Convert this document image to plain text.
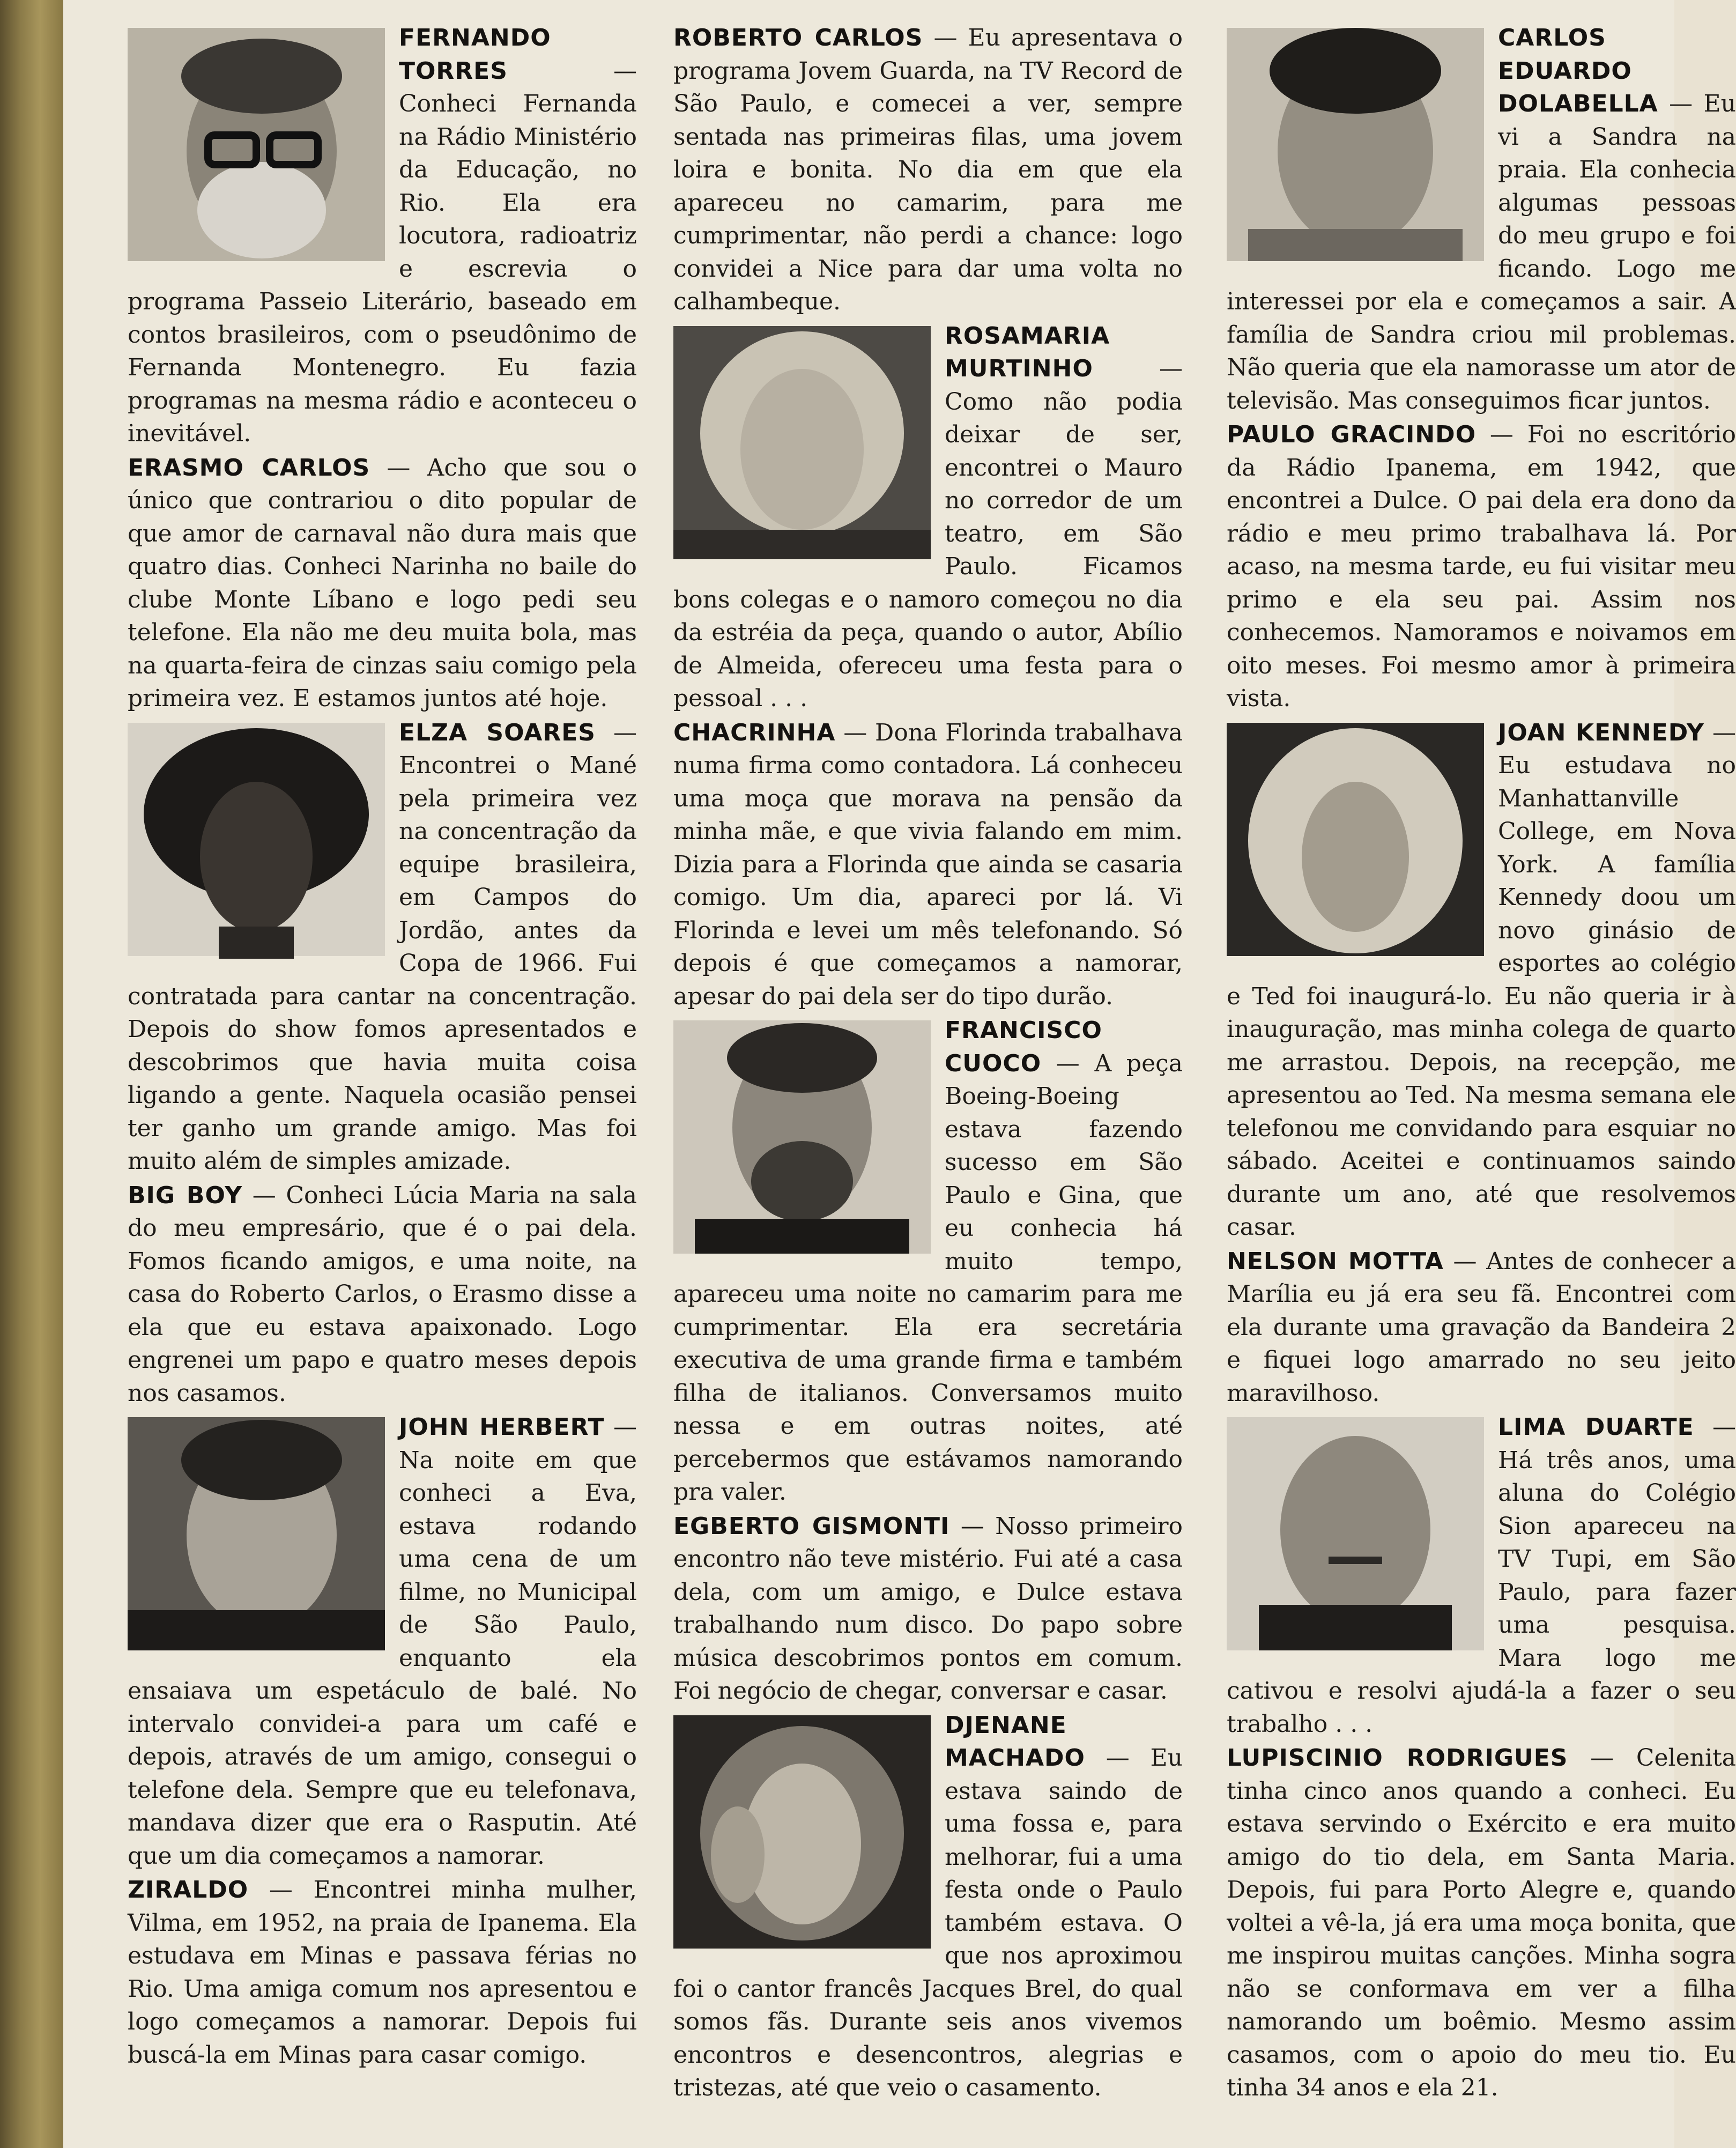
FERNANDO TORRES — Conheci Fernanda na Rádio Ministério da Educação, no Rio. Ela era locutora, radioatriz e escrevia o programa Passeio Literário, baseado em contos brasileiros, com o pseudônimo de Fernanda Montenegro. Eu fazia programas na mesma rádio e aconteceu o inevitável.
ERASMO CARLOS — Acho que sou o único que contrariou o dito popular de que amor de carnaval não dura mais que quatro dias. Conheci Narinha no baile do clube Monte Líbano e logo pedi seu telefone. Ela não me deu muita bola, mas na quarta-feira de cinzas saiu comigo pela primeira vez. E estamos juntos até hoje.
ELZA SOARES — Encontrei o Mané pela primeira vez na concentração da equipe brasileira, em Campos do Jordão, antes da Copa de 1966. Fui contratada para cantar na concentração. Depois do show fomos apresentados e descobrimos que havia muita coisa ligando a gente. Naquela ocasião pensei ter ganho um grande amigo. Mas foi muito além de simples amizade.
BIG BOY — Conheci Lúcia Maria na sala do meu empresário, que é o pai dela. Fomos ficando amigos, e uma noite, na casa do Roberto Carlos, o Erasmo disse a ela que eu estava apaixonado. Logo engrenei um papo e quatro meses depois nos casamos.
JOHN HERBERT — Na noite em que conheci a Eva, estava rodando uma cena de um filme, no Municipal de São Paulo, enquanto ela ensaiava um espetáculo de balé. No intervalo convidei-a para um café e depois, através de um amigo, consegui o telefone dela. Sempre que eu telefonava, mandava dizer que era o Rasputin. Até que um dia começamos a namorar.
ZIRALDO — Encontrei minha mulher, Vilma, em 1952, na praia de Ipanema. Ela estudava em Minas e passava férias no Rio. Uma amiga comum nos apresentou e logo começamos a namorar. Depois fui buscá-la em Minas para casar comigo.
ROBERTO CARLOS — Eu apresentava o programa Jovem Guarda, na TV Record de São Paulo, e comecei a ver, sempre sentada nas primeiras filas, uma jovem loira e bonita. No dia em que ela apareceu no camarim, para me cumprimentar, não perdi a chance: logo convidei a Nice para dar uma volta no calhambeque.
ROSAMARIA MURTINHO — Como não podia deixar de ser, encontrei o Mauro no corredor de um teatro, em São Paulo. Ficamos bons colegas e o namoro começou no dia da estréia da peça, quando o autor, Abílio de Almeida, ofereceu uma festa para o pessoal . . .
CHACRINHA — Dona Florinda trabalhava numa firma como contadora. Lá conheceu uma moça que morava na pensão da minha mãe, e que vivia falando em mim. Dizia para a Florinda que ainda se casaria comigo. Um dia, apareci por lá. Vi Florinda e levei um mês telefonando. Só depois é que começamos a namorar, apesar do pai dela ser do tipo durão.
FRANCISCO CUOCO — A peça Boeing-Boeing estava fazendo sucesso em São Paulo e Gina, que eu conhecia há muito tempo, apareceu uma noite no camarim para me cumprimentar. Ela era secretária executiva de uma grande firma e também filha de italianos. Conversamos muito nessa e em outras noites, até percebermos que estávamos namorando pra valer.
EGBERTO GISMONTI — Nosso primeiro encontro não teve mistério. Fui até a casa dela, com um amigo, e Dulce estava trabalhando num disco. Do papo sobre música descobrimos pontos em comum. Foi negócio de chegar, conversar e casar.
DJENANE MACHADO — Eu estava saindo de uma fossa e, para melhorar, fui a uma festa onde o Paulo também estava. O que nos aproximou foi o cantor francês Jacques Brel, do qual somos fãs. Durante seis anos vivemos encontros e desencontros, alegrias e tristezas, até que veio o casamento.
CARLOS EDUARDO DOLABELLA — Eu vi a Sandra na praia. Ela conhecia algumas pessoas do meu grupo e foi ficando. Logo me interessei por ela e começamos a sair. A família de Sandra criou mil problemas. Não queria que ela namorasse um ator de televisão. Mas conseguimos ficar juntos.
PAULO GRACINDO — Foi no escritório da Rádio Ipanema, em 1942, que encontrei a Dulce. O pai dela era dono da rádio e meu primo trabalhava lá. Por acaso, na mesma tarde, eu fui visitar meu primo e ela seu pai. Assim nos conhecemos. Namoramos e noivamos em oito meses. Foi mesmo amor à primeira vista.
JOAN KENNEDY — Eu estudava no Manhattanville College, em Nova York. A família Kennedy doou um novo ginásio de esportes ao colégio e Ted foi inaugurá-lo. Eu não queria ir à inauguração, mas minha colega de quarto me arrastou. Depois, na recepção, me apresentou ao Ted. Na mesma semana ele telefonou me convidando para esquiar no sábado. Aceitei e continuamos saindo durante um ano, até que resolvemos casar.
NELSON MOTTA — Antes de conhecer a Marília eu já era seu fã. Encontrei com ela durante uma gravação da Bandeira 2 e fiquei logo amarrado no seu jeito maravilhoso.
LIMA DUARTE — Há três anos, uma aluna do Colégio Sion apareceu na TV Tupi, em São Paulo, para fazer uma pesquisa. Mara logo me cativou e resolvi ajudá-la a fazer o seu trabalho . . .
LUPISCINIO RODRIGUES — Celenita tinha cinco anos quando a conheci. Eu estava servindo o Exército e era muito amigo do tio dela, em Santa Maria. Depois, fui para Porto Alegre e, quando voltei a vê-la, já era uma moça bonita, que me inspirou muitas canções. Minha sogra não se conformava em ver a filha namorando um boêmio. Mesmo assim casamos, com o apoio do meu tio. Eu tinha 34 anos e ela 21.
